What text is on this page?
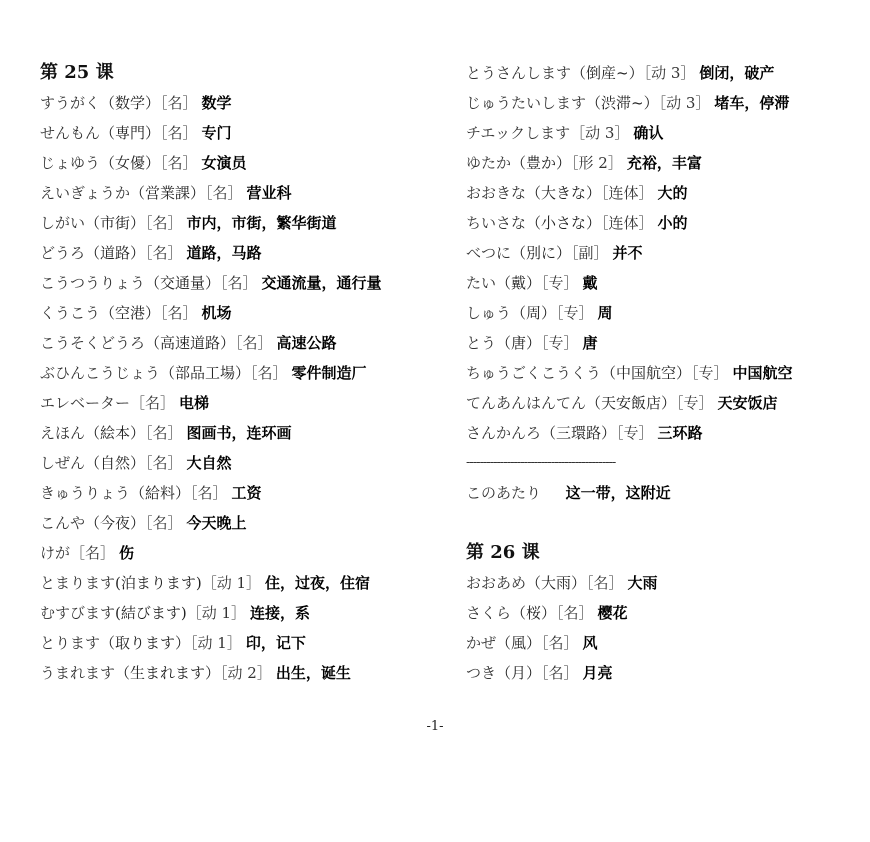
第 25 课
すうがく（数学）［名］ 数学
せんもん（専門）［名］ 专门
じょゆう（女優）［名］ 女演员
えいぎょうか（営業課）［名］ 营业科
しがい（市街）［名］ 市内，市街，繁华街道
どうろ（道路）［名］ 道路，马路
こうつうりょう（交通量）［名］ 交通流量，通行量
くうこう（空港）［名］ 机场
こうそくどうろ（高速道路）［名］ 高速公路
ぶひんこうじょう（部品工場）［名］ 零件制造厂
エレベーター［名］ 电梯
えほん（絵本）［名］ 图画书，连环画
しぜん（自然）［名］ 大自然
きゅうりょう（給料）［名］ 工资
こんや（今夜）［名］ 今天晚上
けが［名］ 伤
とまります(泊まります)［动 1］ 住，过夜，住宿
むすびます(結びます)［动 1］ 连接，系
とります（取ります）［动 1］ 印，记下
うまれます（生まれます）［动 2］ 出生，诞生
とうさんします（倒産~）［动 3］ 倒闭，破产
じゅうたいします（渋滞~）［动 3］ 堵车，停滞
チエックします［动 3］ 确认
ゆたか（豊か）［形 2］ 充裕，丰富
おおきな（大きな）［连体］ 大的
ちいさな（小さな）［连体］ 小的
べつに（別に）［副］ 并不
たい（戴）［专］ 戴
しゅう（周）［专］ 周
とう（唐）［专］ 唐
ちゅうごくこうくう（中国航空）［专］ 中国航空
てんあんはんてん（天安飯店）［专］ 天安饭店
さんかんろ（三環路）［专］ 三环路
--------------------------------------------
このあたり 　 这一带，这附近
第 26 课
おおあめ（大雨）［名］ 大雨
さくら（桜）［名］ 樱花
かぜ（風）［名］ 风
つき（月）［名］ 月亮
-1-
